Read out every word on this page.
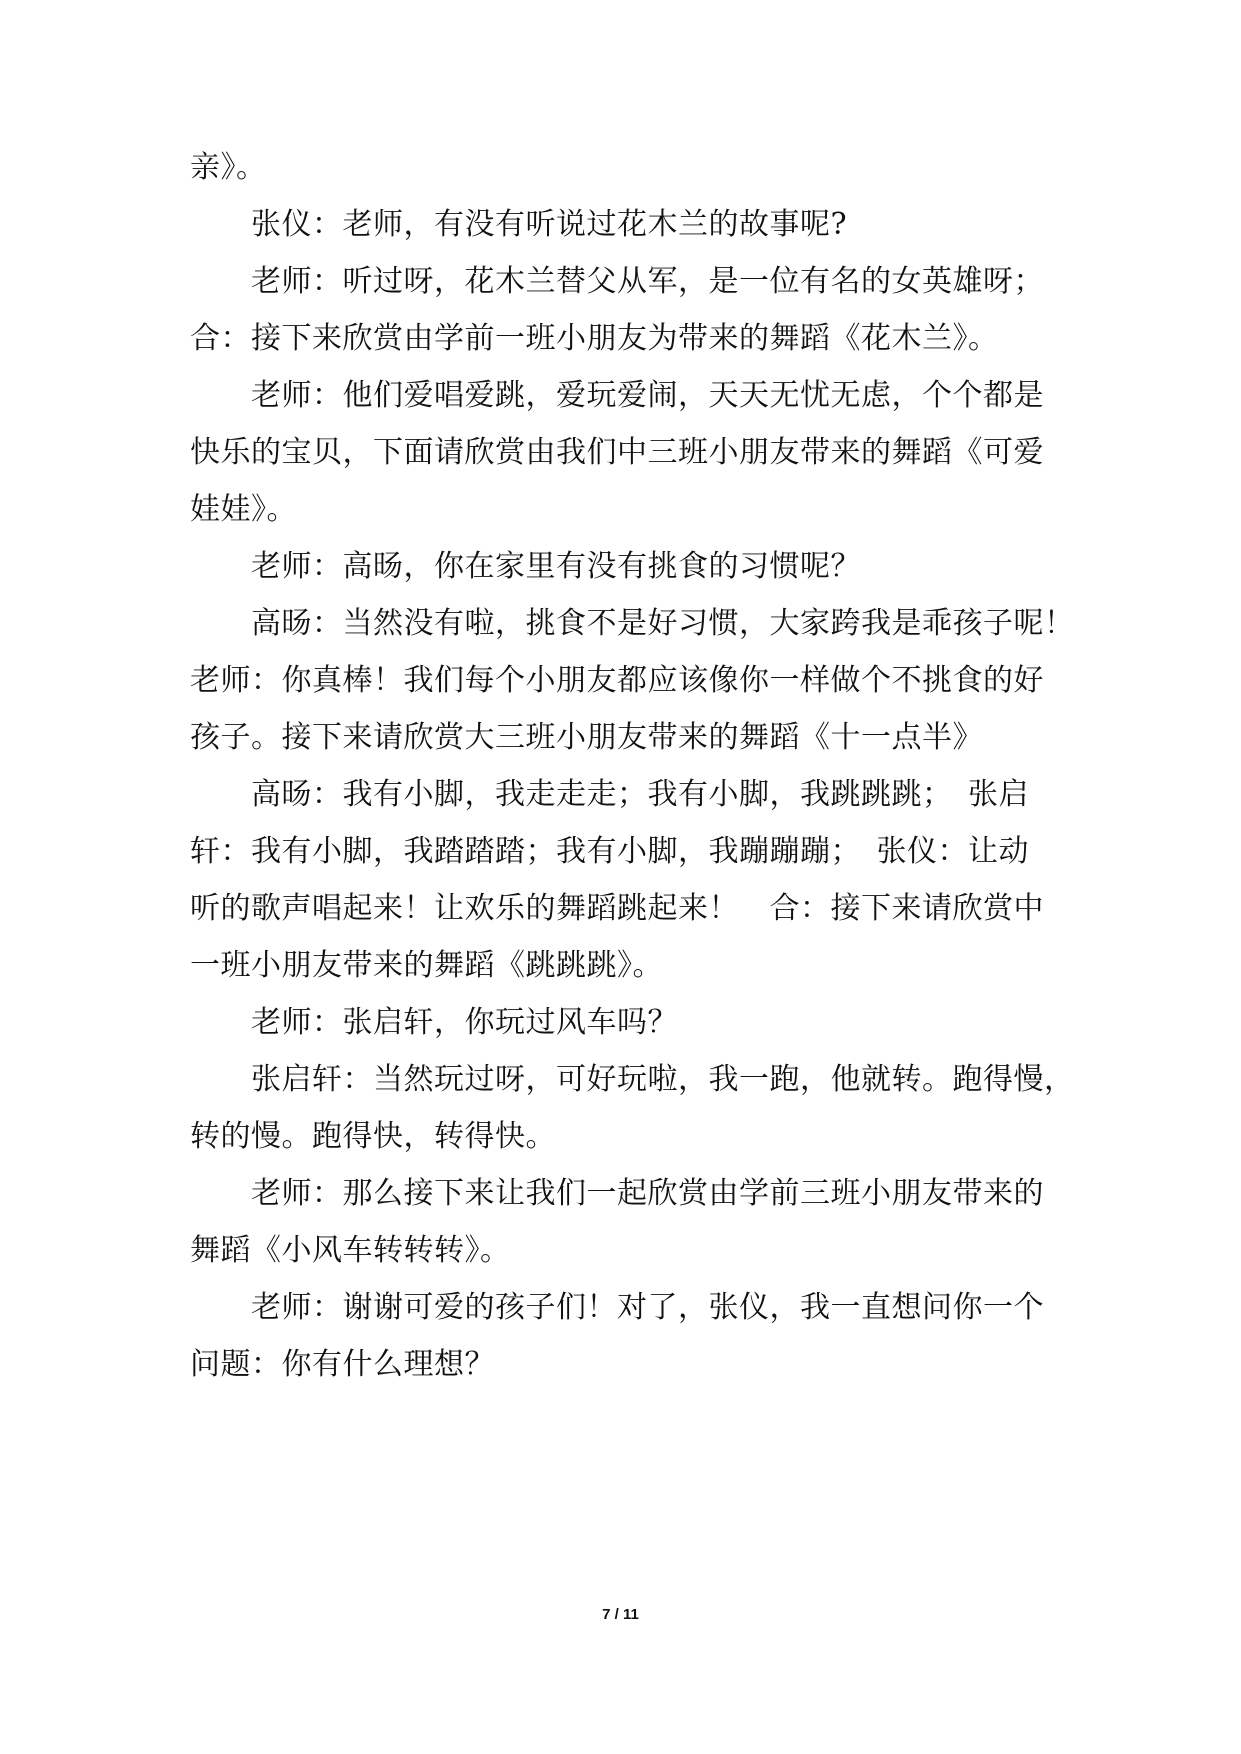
亲》。
张仪：老师，有没有听说过花木兰的故事呢?
老师：听过呀，花木兰替父从军，是一位有名的女英雄呀；
合：接下来欣赏由学前一班小朋友为带来的舞蹈《花木兰》。
老师：他们爱唱爱跳，爱玩爱闹，天天无忧无虑，个个都是
快乐的宝贝，下面请欣赏由我们中三班小朋友带来的舞蹈《可爱
娃娃》。
老师：高旸，你在家里有没有挑食的习惯呢？
高旸：当然没有啦，挑食不是好习惯，大家跨我是乖孩子呢！
老师：你真棒！我们每个小朋友都应该像你一样做个不挑食的好
孩子。接下来请欣赏大三班小朋友带来的舞蹈《十一点半》
高旸：我有小脚，我走走走；我有小脚，我跳跳跳；　张启
轩：我有小脚，我踏踏踏；我有小脚，我蹦蹦蹦；　张仪：让动
听的歌声唱起来！让欢乐的舞蹈跳起来！　合：接下来请欣赏中
一班小朋友带来的舞蹈《跳跳跳》。
老师：张启轩，你玩过风车吗？
张启轩：当然玩过呀，可好玩啦，我一跑，他就转。跑得慢，
转的慢。跑得快，转得快。
老师：那么接下来让我们一起欣赏由学前三班小朋友带来的
舞蹈《小风车转转转》。
老师：谢谢可爱的孩子们！对了，张仪，我一直想问你一个
问题：你有什么理想？
7 / 11
